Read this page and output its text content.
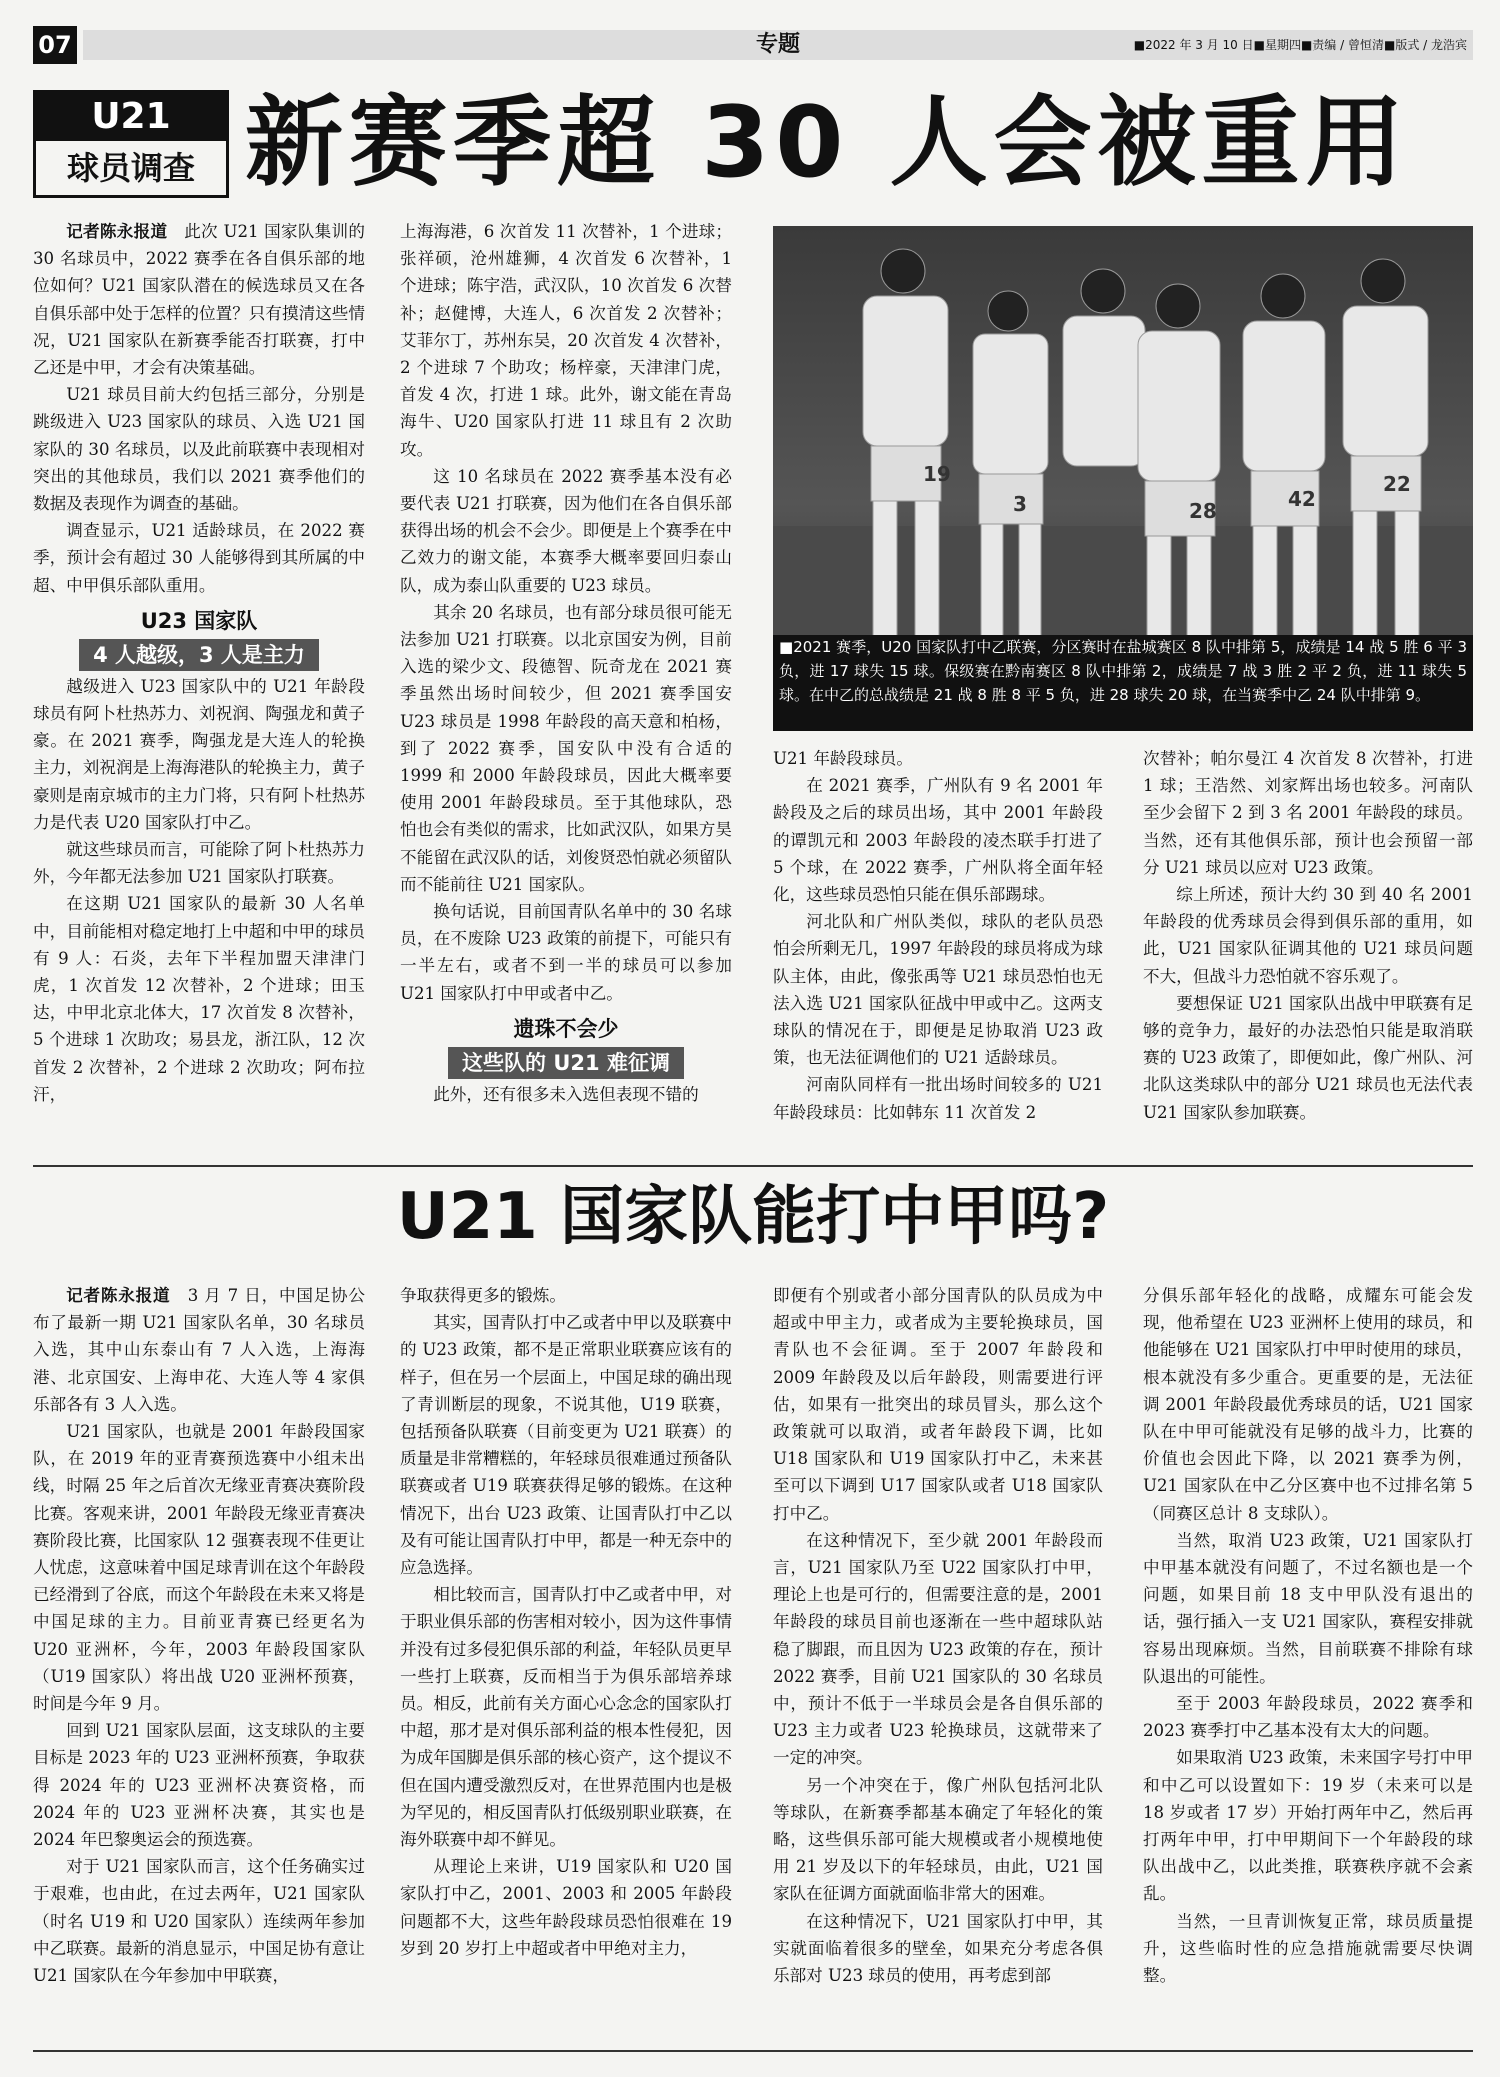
07	专题	■2022 年 3 月 10 日■星期四■责编 / 曾恒清■版式 / 龙浩宾
U21
球员调查 新赛季超 30 人会被重用

记者陈永报道　 此次 U21 国家队集训的 30 名球员中，2022 赛季在各自俱乐部的地位如何？U21 国家队潜在的候选球员又在各自俱乐部中处于怎样的位置？只有摸清这些情况，U21 国家队在新赛季能否打联赛，打中乙还是中甲，才会有决策基础。

U21 球员目前大约包括三部分，分别是跳级进入 U23 国家队的球员、入选 U21 国家队的 30 名球员，以及此前联赛中表现相对突出的其他球员，我们以 2021 赛季他们的数据及表现作为调查的基础。

调查显示，U21 适龄球员，在 2022 赛季，预计会有超过 30 人能够得到其所属的中超、中甲俱乐部队重用。

U23 国家队
4 人越级，3 人是主力

越级进入 U23 国家队中的 U21 年龄段球员有阿卜杜热苏力、刘祝润、陶强龙和黄子豪。在 2021 赛季，陶强龙是大连人的轮换主力，刘祝润是上海海港队的轮换主力，黄子豪则是南京城市的主力门将，只有阿卜杜热苏力是代表 U20 国家队打中乙。

就这些球员而言，可能除了阿卜杜热苏力外，今年都无法参加 U21 国家队打联赛。

在这期 U21 国家队的最新 30 人名单中，目前能相对稳定地打上中超和中甲的球员有 9 人：石炎，去年下半程加盟天津津门虎，1 次首发 12 次替补，2 个进球；田玉达，中甲北京北体大，17 次首发 8 次替补，5 个进球 1 次助攻；易县龙，浙江队，12 次首发 2 次替补，2 个进球 2 次助攻；阿布拉汗，

上海海港，6 次首发 11 次替补，1 个进球；张祥硕，沧州雄狮，4 次首发 6 次替补，1 个进球；陈宇浩，武汉队，10 次首发 6 次替补；赵健博，大连人，6 次首发 2 次替补；艾菲尔丁，苏州东吴，20 次首发 4 次替补，2 个进球 7 个助攻；杨梓豪，天津津门虎，首发 4 次，打进 1 球。此外，谢文能在青岛海牛、U20 国家队打进 11 球且有 2 次助攻。

这 10 名球员在 2022 赛季基本没有必要代表 U21 打联赛，因为他们在各自俱乐部获得出场的机会不会少。即便是上个赛季在中乙效力的谢文能，本赛季大概率要回归泰山队，成为泰山队重要的 U23 球员。

其余 20 名球员，也有部分球员很可能无法参加 U21 打联赛。以北京国安为例，目前入选的梁少文、段德智、阮奇龙在 2021 赛季虽然出场时间较少，但 2021 赛季国安 U23 球员是 1998 年龄段的高天意和柏杨，到了 2022 赛季，国安队中没有合适的 1999 和 2000 年龄段球员，因此大概率要使用 2001 年龄段球员。至于其他球队，恐怕也会有类似的需求，比如武汉队，如果方昊不能留在武汉队的话，刘俊贤恐怕就必须留队而不能前往 U21 国家队。

换句话说，目前国青队名单中的 30 名球员，在不废除 U23 政策的前提下，可能只有一半左右，或者不到一半的球员可以参加 U21 国家队打中甲或者中乙。

遗珠不会少
这些队的 U21 难征调

此外，还有很多未入选但表现不错的

19
3	28	42
22
■2021 赛季，U20 国家队打中乙联赛，分区赛时在盐城赛区 8 队中排第 5，成绩是 14 战 5 胜 6 平 3 负，进 17 球失 15 球。保级赛在黔南赛区 8 队中排第 2，成绩是 7 战 3 胜 2 平 2 负，进 11 球失 5 球。在中乙的总战绩是 21 战 8 胜 8 平 5 负，进 28 球失 20 球，在当赛季中乙 24 队中排第 9。

U21 年龄段球员。

在 2021 赛季，广州队有 9 名 2001 年龄段及之后的球员出场，其中 2001 年龄段的谭凯元和 2003 年龄段的凌杰联手打进了 5 个球，在 2022 赛季，广州队将全面年轻化，这些球员恐怕只能在俱乐部踢球。

河北队和广州队类似，球队的老队员恐怕会所剩无几，1997 年龄段的球员将成为球队主体，由此，像张禹等 U21 球员恐怕也无法入选 U21 国家队征战中甲或中乙。这两支球队的情况在于，即便是足协取消 U23 政策，也无法征调他们的 U21 适龄球员。

河南队同样有一批出场时间较多的 U21 年龄段球员：比如韩东 11 次首发 2

次替补；帕尔曼江 4 次首发 8 次替补，打进 1 球；王浩然、刘家辉出场也较多。河南队至少会留下 2 到 3 名 2001 年龄段的球员。当然，还有其他俱乐部，预计也会预留一部分 U21 球员以应对 U23 政策。

综上所述，预计大约 30 到 40 名 2001 年龄段的优秀球员会得到俱乐部的重用，如此，U21 国家队征调其他的 U21 球员问题不大，但战斗力恐怕就不容乐观了。

要想保证 U21 国家队出战中甲联赛有足够的竞争力，最好的办法恐怕只能是取消联赛的 U23 政策了，即便如此，像广州队、河北队这类球队中的部分 U21 球员也无法代表 U21 国家队参加联赛。

U21 国家队能打中甲吗?

记者陈永报道　 3 月 7 日，中国足协公布了最新一期 U21 国家队名单，30 名球员入选，其中山东泰山有 7 人入选，上海海港、北京国安、上海申花、大连人等 4 家俱乐部各有 3 人入选。

U21 国家队，也就是 2001 年龄段国家队，在 2019 年的亚青赛预选赛中小组未出线，时隔 25 年之后首次无缘亚青赛决赛阶段比赛。客观来讲，2001 年龄段无缘亚青赛决赛阶段比赛，比国家队 12 强赛表现不佳更让人忧虑，这意味着中国足球青训在这个年龄段已经滑到了谷底，而这个年龄段在未来又将是中国足球的主力。目前亚青赛已经更名为 U20 亚洲杯，今年，2003 年龄段国家队（U19 国家队）将出战 U20 亚洲杯预赛，时间是今年 9 月。

回到 U21 国家队层面，这支球队的主要目标是 2023 年的 U23 亚洲杯预赛，争取获得 2024 年的 U23 亚洲杯决赛资格，而 2024 年的 U23 亚洲杯决赛，其实也是 2024 年巴黎奥运会的预选赛。

对于 U21 国家队而言，这个任务确实过于艰难，也由此，在过去两年，U21 国家队（时名 U19 和 U20 国家队）连续两年参加中乙联赛。最新的消息显示，中国足协有意让 U21 国家队在今年参加中甲联赛，

争取获得更多的锻炼。

其实，国青队打中乙或者中甲以及联赛中的 U23 政策，都不是正常职业联赛应该有的样子，但在另一个层面上，中国足球的确出现了青训断层的现象，不说其他，U19 联赛，包括预备队联赛（目前变更为 U21 联赛）的质量是非常糟糕的，年轻球员很难通过预备队联赛或者 U19 联赛获得足够的锻炼。在这种情况下，出台 U23 政策、让国青队打中乙以及有可能让国青队打中甲，都是一种无奈中的应急选择。

相比较而言，国青队打中乙或者中甲，对于职业俱乐部的伤害相对较小，因为这件事情并没有过多侵犯俱乐部的利益，年轻队员更早一些打上联赛，反而相当于为俱乐部培养球员。相反，此前有关方面心心念念的国家队打中超，那才是对俱乐部利益的根本性侵犯，因为成年国脚是俱乐部的核心资产，这个提议不但在国内遭受激烈反对，在世界范围内也是极为罕见的，相反国青队打低级别职业联赛，在海外联赛中却不鲜见。

从理论上来讲，U19 国家队和 U20 国家队打中乙，2001、2003 和 2005 年龄段问题都不大，这些年龄段球员恐怕很难在 19 岁到 20 岁打上中超或者中甲绝对主力，

即便有个别或者小部分国青队的队员成为中超或中甲主力，或者成为主要轮换球员，国青队也不会征调。至于 2007 年龄段和 2009 年龄段及以后年龄段，则需要进行评估，如果有一批突出的球员冒头，那么这个政策就可以取消，或者年龄段下调，比如 U18 国家队和 U19 国家队打中乙，未来甚至可以下调到 U17 国家队或者 U18 国家队打中乙。

在这种情况下，至少就 2001 年龄段而言，U21 国家队乃至 U22 国家队打中甲，理论上也是可行的，但需要注意的是，2001 年龄段的球员目前也逐渐在一些中超球队站稳了脚跟，而且因为 U23 政策的存在，预计 2022 赛季，目前 U21 国家队的 30 名球员中，预计不低于一半球员会是各自俱乐部的 U23 主力或者 U23 轮换球员，这就带来了一定的冲突。

另一个冲突在于，像广州队包括河北队等球队，在新赛季都基本确定了年轻化的策略，这些俱乐部可能大规模或者小规模地使用 21 岁及以下的年轻球员，由此，U21 国家队在征调方面就面临非常大的困难。

在这种情况下，U21 国家队打中甲，其实就面临着很多的壁垒，如果充分考虑各俱乐部对 U23 球员的使用，再考虑到部

分俱乐部年轻化的战略，成耀东可能会发现，他希望在 U23 亚洲杯上使用的球员，和他能够在 U21 国家队打中甲时使用的球员，根本就没有多少重合。更重要的是，无法征调 2001 年龄段最优秀球员的话，U21 国家队在中甲可能就没有足够的战斗力，比赛的价值也会因此下降，以 2021 赛季为例，U21 国家队在中乙分区赛中也不过排名第 5（同赛区总计 8 支球队）。

当然，取消 U23 政策，U21 国家队打中甲基本就没有问题了，不过名额也是一个问题，如果目前 18 支中甲队没有退出的话，强行插入一支 U21 国家队，赛程安排就容易出现麻烦。当然，目前联赛不排除有球队退出的可能性。

至于 2003 年龄段球员，2022 赛季和 2023 赛季打中乙基本没有太大的问题。

如果取消 U23 政策，未来国字号打中甲和中乙可以设置如下：19 岁（未来可以是 18 岁或者 17 岁）开始打两年中乙，然后再打两年中甲，打中甲期间下一个年龄段的球队出战中乙，以此类推，联赛秩序就不会紊乱。

当然，一旦青训恢复正常，球员质量提升，这些临时性的应急措施就需要尽快调整。
